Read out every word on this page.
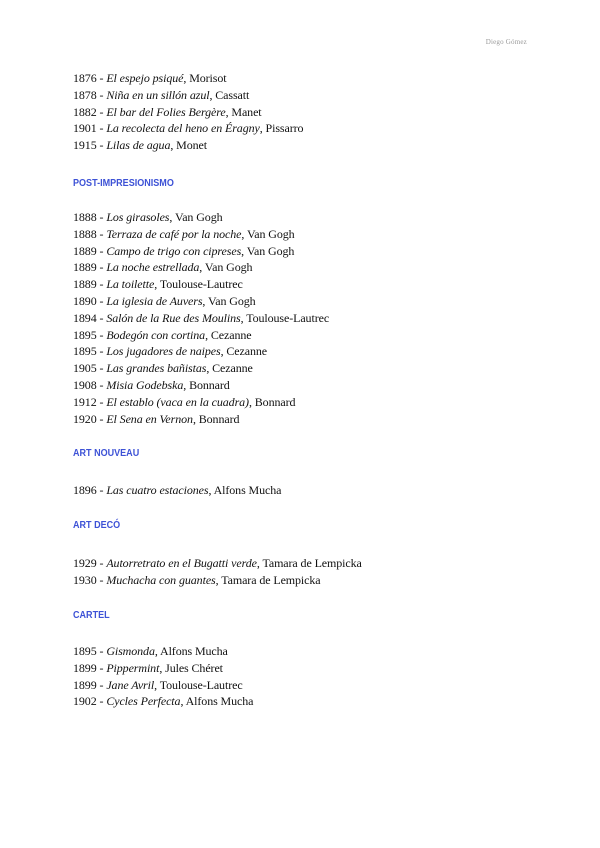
Diego Gómez
1876 - El espejo psiqué, Morisot
1878 - Niña en un sillón azul, Cassatt
1882 - El bar del Folies Bergère, Manet
1901 - La recolecta del heno en Éragny, Pissarro
1915 - Lilas de agua, Monet
POST-IMPRESIONISMO
1888 - Los girasoles, Van Gogh
1888 - Terraza de café por la noche, Van Gogh
1889 - Campo de trigo con cipreses, Van Gogh
1889 - La noche estrellada, Van Gogh
1889 - La toilette, Toulouse-Lautrec
1890 - La iglesia de Auvers, Van Gogh
1894 - Salón de la Rue des Moulins, Toulouse-Lautrec
1895 - Bodegón con cortina, Cezanne
1895 - Los jugadores de naipes, Cezanne
1905 - Las grandes bañistas, Cezanne
1908 - Misia Godebska, Bonnard
1912 - El establo (vaca en la cuadra), Bonnard
1920 - El Sena en Vernon, Bonnard
ART NOUVEAU
1896 - Las cuatro estaciones, Alfons Mucha
ART DECÓ
1929 - Autorretrato en el Bugatti verde, Tamara de Lempicka
1930 - Muchacha con guantes, Tamara de Lempicka
CARTEL
1895 - Gismonda, Alfons Mucha
1899 - Pippermint, Jules Chéret
1899 - Jane Avril, Toulouse-Lautrec
1902 - Cycles Perfecta, Alfons Mucha
